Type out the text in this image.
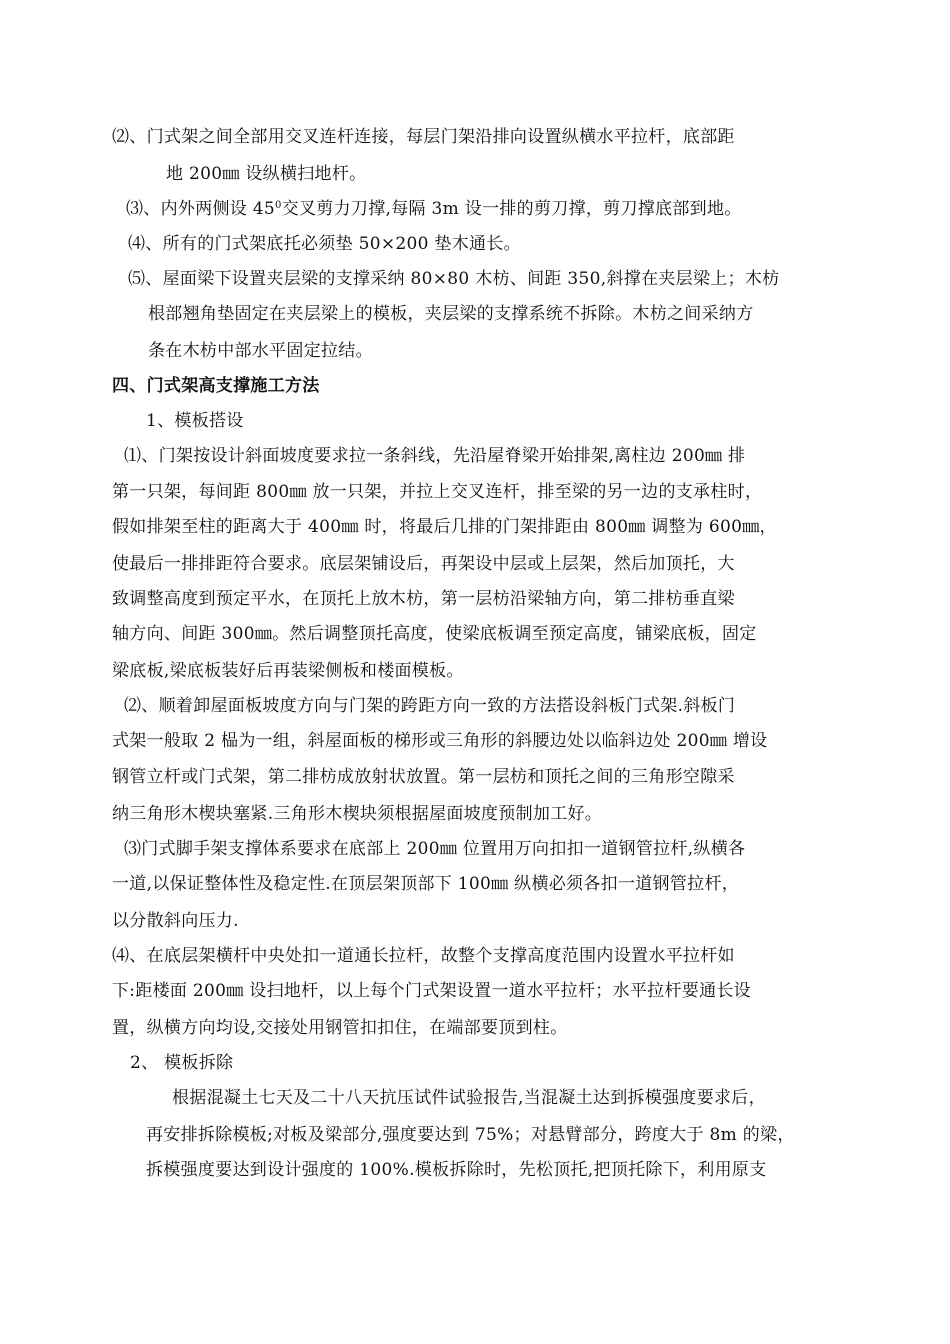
⑵、门式架之间全部用交叉连杆连接，每层门架沿排向设置纵横水平拉杆，底部距
地 200㎜ 设纵横扫地杆。
⑶、内外两侧设 $45^0$交叉剪力刀撑,每隔 3m 设一排的剪刀撑，剪刀撑底部到地。
⑷、所有的门式架底托必须垫 50×200 垫木通长。
⑸、屋面梁下设置夹层梁的支撑采纳 80×80 木枋、间距 350,斜撑在夹层梁上；木枋
根部翘角垫固定在夹层梁上的模板，夹层梁的支撑系统不拆除。木枋之间采纳方
条在木枋中部水平固定拉结。
四、门式架高支撑施工方法
1、模板搭设
⑴、门架按设计斜面坡度要求拉一条斜线，先沿屋脊梁开始排架,离柱边 200㎜ 排
第一只架，每间距 800㎜ 放一只架，并拉上交叉连杆，排至梁的另一边的支承柱时，
假如排架至柱的距离大于 400㎜ 时，将最后几排的门架排距由 800㎜ 调整为 600㎜，
使最后一排排距符合要求。底层架铺设后，再架设中层或上层架，然后加顶托，大
致调整高度到预定平水，在顶托上放木枋，第一层枋沿梁轴方向，第二排枋垂直梁
轴方向、间距 300㎜。然后调整顶托高度，使梁底板调至预定高度，铺梁底板，固定
梁底板,梁底板装好后再装梁侧板和楼面模板。
⑵、顺着卸屋面板坡度方向与门架的跨距方向一致的方法搭设斜板门式架.斜板门
式架一般取 2 榀为一组，斜屋面板的梯形或三角形的斜腰边处以临斜边处 200㎜ 增设
钢管立杆或门式架，第二排枋成放射状放置。第一层枋和顶托之间的三角形空隙采
纳三角形木楔块塞紧.三角形木楔块须根据屋面坡度预制加工好。
⑶门式脚手架支撑体系要求在底部上 200㎜ 位置用万向扣扣一道钢管拉杆,纵横各
一道,以保证整体性及稳定性.在顶层架顶部下 100㎜ 纵横必须各扣一道钢管拉杆，
以分散斜向压力.
⑷、在底层架横杆中央处扣一道通长拉杆，故整个支撑高度范围内设置水平拉杆如
下:距楼面 200㎜ 设扫地杆，以上每个门式架设置一道水平拉杆；水平拉杆要通长设
置，纵横方向均设,交接处用钢管扣扣住，在端部要顶到柱。
2、 模板拆除
根据混凝土七天及二十八天抗压试件试验报告,当混凝土达到拆模强度要求后，
再安排拆除模板;对板及梁部分,强度要达到 75%；对悬臂部分，跨度大于 8m 的梁，
拆模强度要达到设计强度的 100%.模板拆除时，先松顶托,把顶托除下，利用原支
